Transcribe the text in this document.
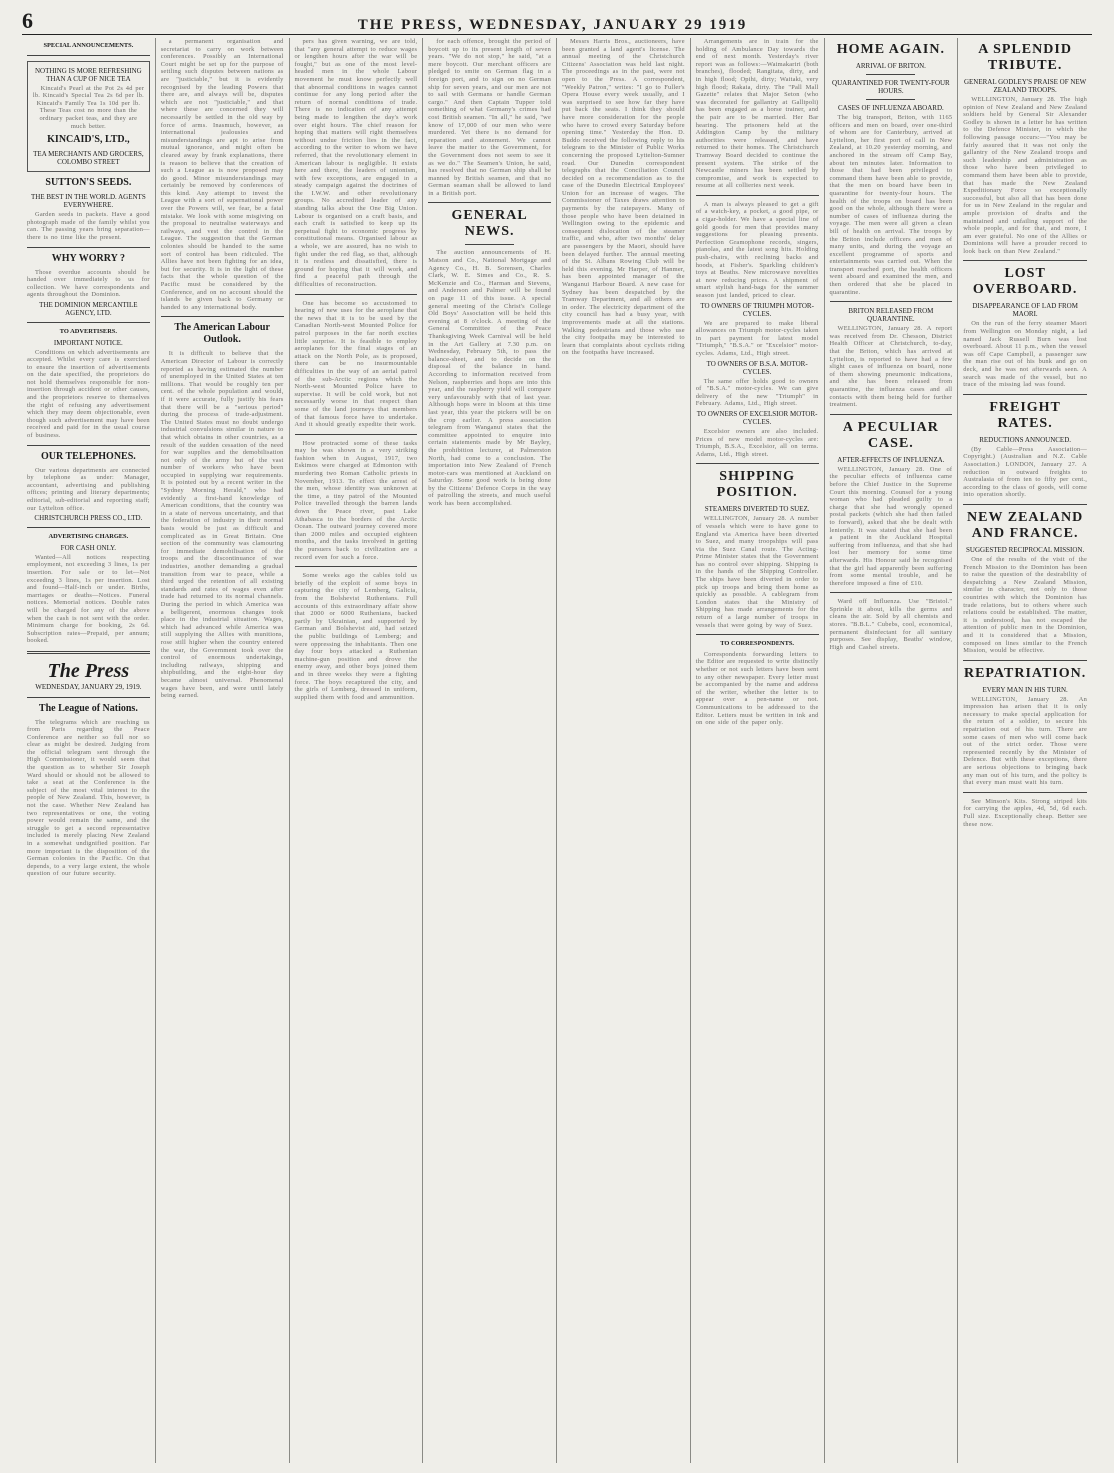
6	THE PRESS, WEDNESDAY, JANUARY 29 1919
SPECIAL ANNOUNCEMENTS.
NOTHING IS MORE REFRESHING THAN A CUP OF NICE TEA
Kincaid's Pearl at the Pot 2s 4d per lb. Kincaid's Special Tea 2s 6d per lb. Kincaid's Family Tea 1s 10d per lb. These Teas cost no more than the ordinary packet teas, and they are much better.
KINCAID'S, LTD.,
TEA MERCHANTS AND GROCERS, COLOMBO STREET
SUTTON'S SEEDS.
THE BEST IN THE WORLD. AGENTS EVERYWHERE.
Garden seeds in packets. Have a good photograph made of the family whilst you can. The passing years bring separation—there is no time like the present.
WHY WORRY ?
Those overdue accounts should be handed over immediately to us for collection. We have correspondents and agents throughout the Dominion.
THE DOMINION MERCANTILE AGENCY, LTD.
TO ADVERTISERS.
IMPORTANT NOTICE.
Conditions on which advertisements are accepted. Whilst every care is exercised to ensure the insertion of advertisements on the date specified, the proprietors do not hold themselves responsible for non-insertion through accident or other causes, and the proprietors reserve to themselves the right of refusing any advertisement which they may deem objectionable, even though such advertisement may have been received and paid for in the usual course of business.
OUR TELEPHONES.
Our various departments are connected by telephone as under: Manager, accountant, advertising and publishing offices; printing and literary departments; editorial, sub-editorial and reporting staff; our Lyttelton office.
CHRISTCHURCH PRESS CO., LTD.
ADVERTISING CHARGES.
FOR CASH ONLY.
Wanted—All notices respecting employment, not exceeding 3 lines, 1s per insertion. For sale or to let—Not exceeding 3 lines, 1s per insertion. Lost and found—Half-inch or under. Births, marriages or deaths—Notices. Funeral notices. Memorial notices. Double rates will be charged for any of the above when the cash is not sent with the order. Minimum charge for booking, 2s 6d. Subscription rates—Prepaid, per annum; booked.
The Press
WEDNESDAY, JANUARY 29, 1919.
The League of Nations.
The telegrams which are reaching us from Paris regarding the Peace Conference are neither so full nor so clear as might be desired. Judging from the official telegram sent through the High Commissioner, it would seem that the question as to whether Sir Joseph Ward should or should not be allowed to take a seat at the Conference is the subject of the most vital interest to the people of New Zealand. This, however, is not the case. Whether New Zealand has two representatives or one, the voting power would remain the same, and the struggle to get a second representative included is merely placing New Zealand in a somewhat undignified position. Far more important is the disposition of the German colonies in the Pacific. On that depends, to a very large extent, the whole question of our future security.
a permanent organisation and secretariat to carry on work between conferences. Possibly an International Court might be set up for the purpose of settling such disputes between nations as are "justiciable," but it is evidently recognised by the leading Powers that there are, and always will be, disputes which are not "justiciable," and that where these are concerned they will necessarily be settled in the old way by force of arms. Inasmuch, however, as international jealousies and misunderstandings are apt to arise from mutual ignorance, and might often be cleared away by frank explanations, there is reason to believe that the creation of such a League as is now proposed may do good. Minor misunderstandings may certainly be removed by conferences of this kind. Any attempt to invest the League with a sort of supernational power over the Powers will, we fear, be a fatal mistake. We look with some misgiving on the proposal to neutralise waterways and railways, and vest the control in the League. The suggestion that the German colonies should be handed to the same sort of control has been ridiculed. The Allies have not been fighting for an idea, but for security. It is in the light of these facts that the whole question of the Pacific must be considered by the Conference, and on no account should the islands be given back to Germany or handed to any international body.
The American Labour Outlook.
It is difficult to believe that the American Director of Labour is correctly reported as having estimated the number of unemployed in the United States at ten millions. That would be roughly ten per cent. of the whole population and would, if it were accurate, fully justify his fears that there will be a "serious period" during the process of trade-adjustment. The United States must no doubt undergo industrial convulsions similar in nature to that which obtains in other countries, as a result of the sudden cessation of the need for war supplies and the demobilisation not only of the army but of the vast number of workers who have been occupied in supplying war requirements. It is pointed out by a recent writer in the "Sydney Morning Herald," who had evidently a first-hand knowledge of American conditions, that the country was in a state of nervous uncertainty, and that the federation of industry in their normal basis would be just as difficult and complicated as in Great Britain. One section of the community was clamouring for immediate demobilisation of the troops and the discontinuance of war industries, another demanding a gradual transition from war to peace, while a third urged the retention of all existing standards and rates of wages even after trade had returned to its normal channels. During the period in which America was a belligerent, enormous changes took place in the industrial situation. Wages, which had advanced while America was still supplying the Allies with munitions, rose still higher when the country entered the war, the Government took over the control of enormous undertakings, including railways, shipping and shipbuilding, and the eight-hour day became almost universal. Phenomenal wages have been, and were until lately being earned.
pers has given warning, we are told, that "any general attempt to reduce wages or lengthen hours after the war will be fought," but as one of the most level-headed men in the whole Labour movement he must know perfectly well that abnormal conditions in wages cannot continue for any long period after the return of normal conditions of trade. There is no indication of any attempt being made to lengthen the day's work over eight hours. The chief reason for hoping that matters will right themselves without undue friction lies in the fact, according to the writer to whom we have referred, that the revolutionary element in American labour is negligible. It exists here and there, the leaders of unionism, with few exceptions, are engaged in a steady campaign against the doctrines of the I.W.W. and other revolutionary groups. No accredited leader of any standing talks about the One Big Union. Labour is organised on a craft basis, and each craft is satisfied to keep up its perpetual fight to economic progress by constitutional means. Organised labour as a whole, we are assured, has no wish to fight under the red flag, so that, although it is restless and dissatisfied, there is ground for hoping that it will work, and find a peaceful path through the difficulties of reconstruction.
One has become so accustomed to hearing of new uses for the aeroplane that the news that it is to be used by the Canadian North-west Mounted Police for patrol purposes in the far north excites little surprise. It is feasible to employ aeroplanes for the final stages of an attack on the North Pole, as is proposed, there can be no insurmountable difficulties in the way of an aerial patrol of the sub-Arctic regions which the North-west Mounted Police have to supervise. It will be cold work, but not necessarily worse in that respect than some of the land journeys that members of that famous force have to undertake. And it should greatly expedite their work.
How protracted some of these tasks may be was shown in a very striking fashion when in August, 1917, two Eskimos were charged at Edmonton with murdering two Roman Catholic priests in November, 1913. To effect the arrest of the men, whose identity was unknown at the time, a tiny patrol of the Mounted Police travelled through the barren lands down the Peace river, past Lake Athabasca to the borders of the Arctic Ocean. The outward journey covered more than 2000 miles and occupied eighteen months, and the tasks involved in getting the pursuers back to civilization are a record even for such a force.
Some weeks ago the cables told us briefly of the exploit of some boys in capturing the city of Lemberg, Galicia, from the Bolshevist Ruthenians. Full accounts of this extraordinary affair show that 2000 or 6000 Ruthenians, backed partly by Ukrainian, and supported by German and Bolshevist aid, had seized the public buildings of Lemberg; and were oppressing the inhabitants. Then one day four boys attacked a Ruthenian machine-gun position and drove the enemy away, and other boys joined them and in three weeks they were a fighting force. The boys recaptured the city, and the girls of Lemberg, dressed in uniform, supplied them with food and ammunition.
for each offence, brought the period of boycott up to its present length of seven years. "We do not stop," he said, "at a mere boycott. Our merchant officers are pledged to smite on German flag in a foreign port, and to sign on no German ship for seven years, and our men are not to sail with Germans or handle German cargo." And then Captain Tupper told something of what Germany's crimes had cost British seamen. "In all," he said, "we know of 17,000 of our men who were murdered. Yet there is no demand for reparation and atonement. We cannot leave the matter to the Government, for the Government does not seem to see it as we do." The Seamen's Union, he said, has resolved that no German ship shall be manned by British seamen, and that no German seaman shall be allowed to land in a British port.
GENERAL NEWS.
The auction announcements of H. Matson and Co., National Mortgage and Agency Co., H. B. Sorensen, Charles Clark, W. E. Simes and Co., R. S. McKenzie and Co., Harman and Stevens, and Anderson and Palmer will be found on page 11 of this issue. A special general meeting of the Christ's College Old Boys' Association will be held this evening at 8 o'clock. A meeting of the General Committee of the Peace Thanksgiving Week Carnival will be held in the Art Gallery at 7.30 p.m. on Wednesday, February 5th, to pass the balance-sheet, and to decide on the disposal of the balance in hand. According to information received from Nelson, raspberries and hops are into this year, and the raspberry yield will compare very unfavourably with that of last year. Although hops were in bloom at this time last year, this year the pickers will be on the crop earlier. A press association telegram from Wanganui states that the committee appointed to enquire into certain statements made by Mr Bayley, the prohibition lecturer, at Palmerston North, had come to a conclusion. The importation into New Zealand of French motor-cars was mentioned at Auckland on Saturday. Some good work is being done by the Citizens' Defence Corps in the way of patrolling the streets, and much useful work has been accomplished.
Messrs Harris Bros., auctioneers, have been granted a land agent's license. The annual meeting of the Christchurch Citizens' Association was held last night. The proceedings as in the past, were not open to the Press. A correspondent, "Weekly Patron," writes: "I go to Fuller's Opera House every week usually, and I was surprised to see how far they have put back the seats. I think they should have more consideration for the people who have to crowd every Saturday before opening time." Yesterday the Hon. D. Buddo received the following reply to his telegram to the Minister of Public Works concerning the proposed Lyttelton-Sumner road. Our Dunedin correspondent telegraphs that the Conciliation Council decided on a recommendation as to the case of the Dunedin Electrical Employees' Union for an increase of wages. The Commissioner of Taxes draws attention to payments by the ratepayers. Many of those people who have been detained in Wellington owing to the epidemic and consequent dislocation of the steamer traffic, and who, after two months' delay are passengers by the Maori, should have been delayed further. The annual meeting of the St. Albans Rowing Club will be held this evening. Mr Harper, of Hanmer, has been appointed manager of the Wanganui Harbour Board. A new case for Sydney has been despatched by the Tramway Department, and all others are in order. The electricity department of the city council has had a busy year, with improvements made at all the stations. Walking pedestrians and those who use the city footpaths may be interested to learn that complaints about cyclists riding on the footpaths have increased.
Arrangements are in train for the holding of Ambulance Day towards the end of next month. Yesterday's river report was as follows:—Waimakariri (both branches), flooded; Rangitata, dirty, and in high flood; Opihi, dirty; Waitaki, very high flood; Rakaia, dirty. The "Pall Mall Gazette" relates that Major Seton (who was decorated for gallantry at Gallipoli) has been engaged as a horse trainer, and the pair are to be married. Her Bar hearing. The prisoners held at the Addington Camp by the military authorities were released, and have returned to their homes. The Christchurch Tramway Board decided to continue the present system. The strike of the Newcastle miners has been settled by compromise, and work is expected to resume at all collieries next week.
A man is always pleased to get a gift of a watch-key, a pocket, a good pipe, or a cigar-holder. We have a special line of gold goods for men that provides many suggestions for pleasing presents. Perfection Gramophone records, singers, pianolas, and the latest song hits. Holding push-chairs, with reclining backs and hoods, at Fisher's. Sparkling children's toys at Beaths. New microwave novelties at now reducing prices. A shipment of smart stylish hand-bags for the summer season just landed, priced to clear.
TO OWNERS OF TRIUMPH MOTOR-CYCLES.
We are prepared to make liberal allowances on Triumph motor-cycles taken in part payment for latest model "Triumph," "B.S.A." or "Excelsior" motor-cycles. Adams, Ltd., High street.
TO OWNERS OF B.S.A. MOTOR-CYCLES.
The same offer holds good to owners of "B.S.A." motor-cycles. We can give delivery of the new "Triumph" in February. Adams, Ltd., High street.
TO OWNERS OF EXCELSIOR MOTOR-CYCLES.
Excelsior owners are also included. Prices of new model motor-cycles are: Triumph, B.S.A., Excelsior, all on terms. Adams, Ltd., High street.
SHIPPING POSITION.
STEAMERS DIVERTED TO SUEZ.
WELLINGTON, January 28. A number of vessels which were to have gone to England via America have been diverted to Suez, and many troopships will pass via the Suez Canal route. The Acting-Prime Minister states that the Government has no control over shipping. Shipping is in the hands of the Shipping Controller. The ships have been diverted in order to pick up troops and bring them home as quickly as possible. A cablegram from London states that the Ministry of Shipping has made arrangements for the return of a large number of troops in vessels that were going by way of Suez.
TO CORRESPONDENTS.
Correspondents forwarding letters to the Editor are requested to write distinctly whether or not such letters have been sent to any other newspaper. Every letter must be accompanied by the name and address of the writer, whether the letter is to appear over a pen-name or not. Communications to be addressed to the Editor. Letters must be written in ink and on one side of the paper only.
HOME AGAIN.
ARRIVAL OF BRITON.
QUARANTINED FOR TWENTY-FOUR HOURS.
CASES OF INFLUENZA ABOARD.
The big transport, Briton, with 1165 officers and men on board, over one-third of whom are for Canterbury, arrived at Lyttelton, her first port of call in New Zealand, at 10.20 yesterday morning, and anchored in the stream off Camp Bay, about ten minutes later. Information to those that had been privileged to command them have been able to provide, that the men on board have been in quarantine for twenty-four hours. The health of the troops on board has been good on the whole, although there were a number of cases of influenza during the voyage. The men were all given a clean bill of health on arrival. The troops by the Briton include officers and men of many units, and during the voyage an excellent programme of sports and entertainments was carried out. When the transport reached port, the health officers went aboard and examined the men, and then ordered that she be placed in quarantine.
BRITON RELEASED FROM QUARANTINE.
WELLINGTON, January 28. A report was received from Dr. Chesson, District Health Officer at Christchurch, to-day, that the Briton, which has arrived at Lyttelton, is reported to have had a few slight cases of influenza on board, none of them showing pneumonic indications, and she has been released from quarantine, the influenza cases and all contacts with them being held for further treatment.
A PECULIAR CASE.
AFTER-EFFECTS OF INFLUENZA.
WELLINGTON, January 28. One of the peculiar effects of influenza came before the Chief Justice in the Supreme Court this morning. Counsel for a young woman who had pleaded guilty to a charge that she had wrongly opened postal packets (which she had then failed to forward), asked that she be dealt with leniently. It was stated that she had been a patient in the Auckland Hospital suffering from influenza, and that she had lost her memory for some time afterwards. His Honour said he recognised that the girl had apparently been suffering from some mental trouble, and he therefore imposed a fine of £10.
Ward off Influenza. Use "Bristol." Sprinkle it about, kills the germs and cleans the air. Sold by all chemists and stores. "B.B.L." Cubebs, cool, economical, permanent disinfectant for all sanitary purposes. See display, Beaths' window, High and Cashel streets.
A SPLENDID TRIBUTE.
GENERAL GODLEY'S PRAISE OF NEW ZEALAND TROOPS.
WELLINGTON, January 28. The high opinion of New Zealand and New Zealand soldiers held by General Sir Alexander Godley is shown in a letter he has written to the Defence Minister, in which the following passage occurs:—"You may be fairly assured that it was not only the gallantry of the New Zealand troops and such leadership and administration as those who have been privileged to command them have been able to provide, that has made the New Zealand Expeditionary Force so exceptionally successful, but also all that has been done for us in New Zealand in the regular and ample provision of drafts and the maintained and unfailing support of the whole people, and for that, and more, I am ever grateful. No one of the Allies or Dominions will have a prouder record to look back on than New Zealand."
LOST OVERBOARD.
DISAPPEARANCE OF LAD FROM MAORI.
On the run of the ferry steamer Maori from Wellington on Monday night, a lad named Jack Russell Burn was lost overboard. About 11 p.m., when the vessel was off Cape Campbell, a passenger saw the man rise out of his bunk and go on deck, and he was not afterwards seen. A search was made of the vessel, but no trace of the missing lad was found.
FREIGHT RATES.
REDUCTIONS ANNOUNCED.
(By Cable—Press Association—Copyright.) (Australian and N.Z. Cable Association.) LONDON, January 27. A reduction in outward freights to Australasia of from ten to fifty per cent., according to the class of goods, will come into operation shortly.
NEW ZEALAND AND FRANCE.
SUGGESTED RECIPROCAL MISSION.
One of the results of the visit of the French Mission to the Dominion has been to raise the question of the desirability of despatching a New Zealand Mission, similar in character, not only to those countries with which the Dominion has trade relations, but to others where such relations could be established. The matter, it is understood, has not escaped the attention of public men in the Dominion, and it is considered that a Mission, composed on lines similar to the French Mission, would be effective.
REPATRIATION.
EVERY MAN IN HIS TURN.
WELLINGTON, January 28. An impression has arisen that it is only necessary to make special application for the return of a soldier, to secure his repatriation out of his turn. There are some cases of men who will come back out of the strict order. Those were represented recently by the Minister of Defence. But with these exceptions, there are serious objections to bringing back any man out of his turn, and the policy is that every man must wait his turn.
See Minson's Kits. Strong striped kits for carrying the apples, 4d, 5d, 6d each. Full size. Exceptionally cheap. Better see these now.
